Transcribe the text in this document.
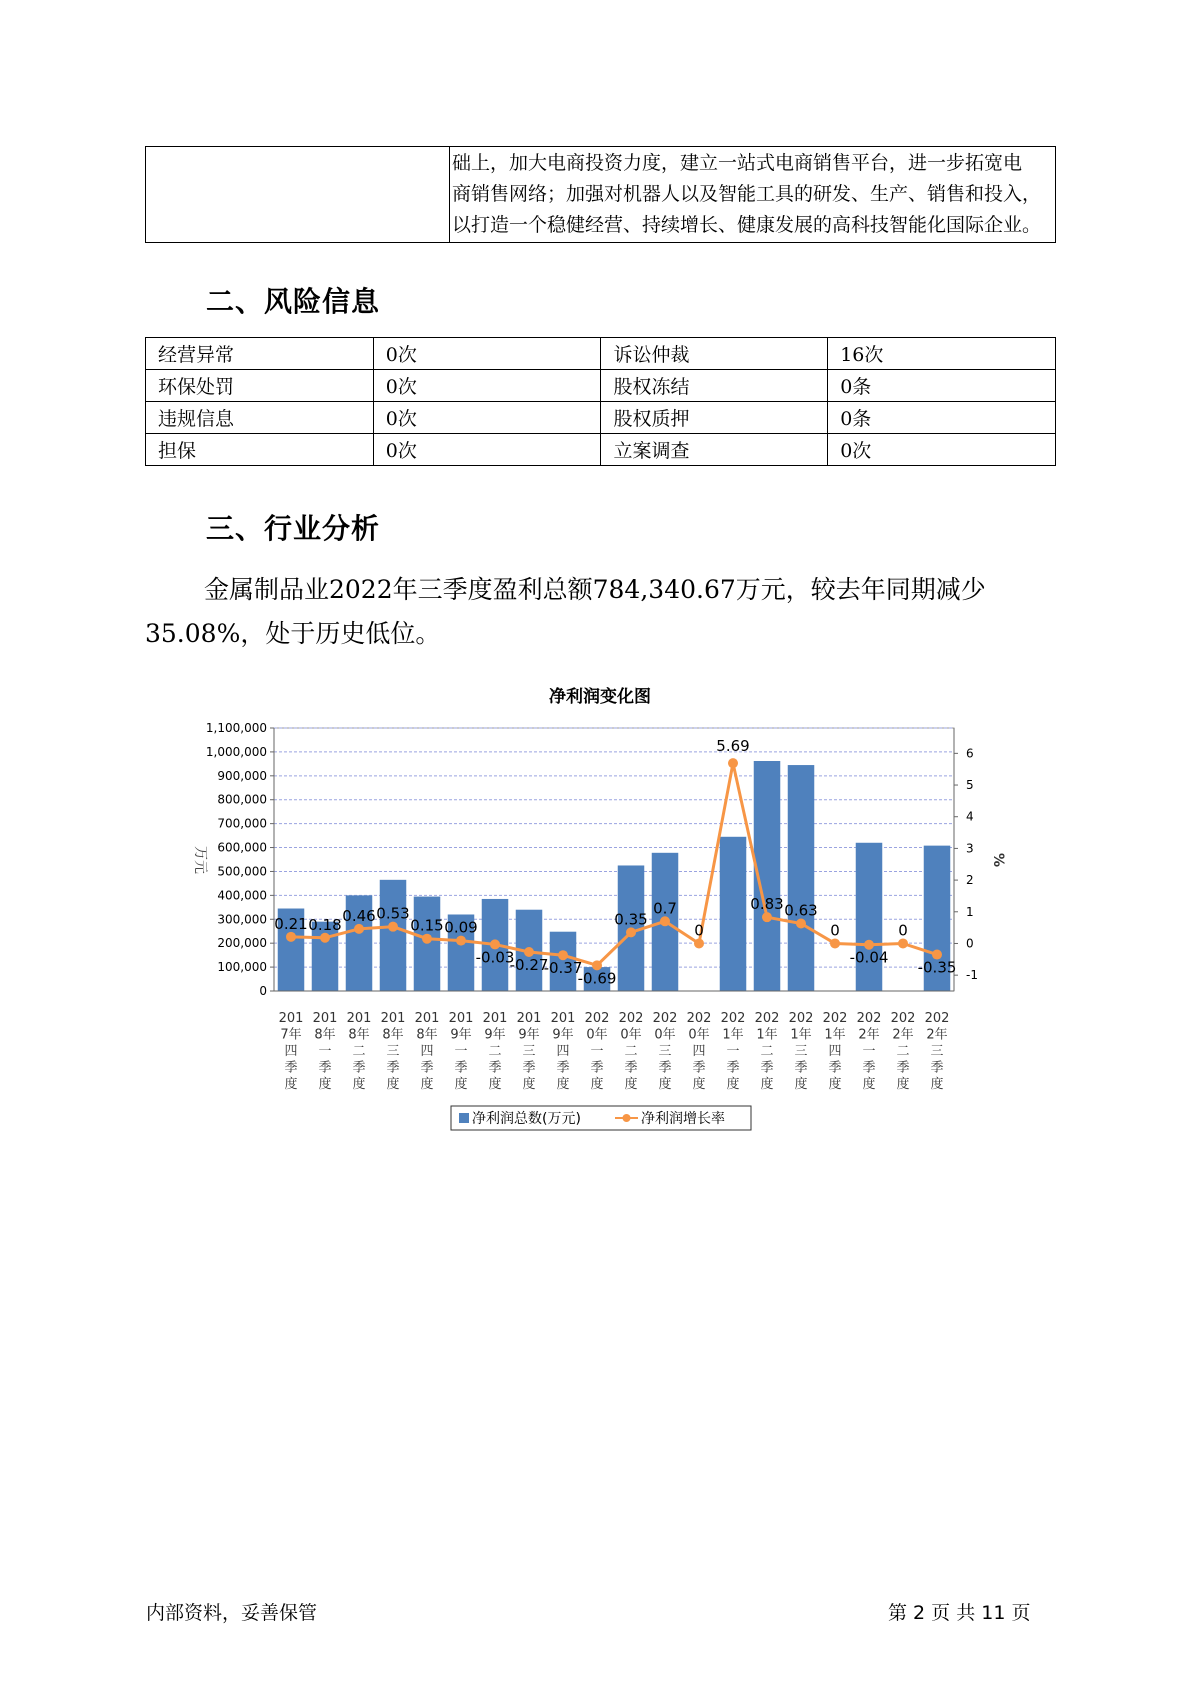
础上，加大电商投资力度，建立一站式电商销售平台，进一步拓宽电
商销售网络；加强对机器人以及智能工具的研发、生产、销售和投入，
以打造一个稳健经营、持续增长、健康发展的高科技智能化国际企业。
二、风险信息
经营异常	0次	诉讼仲裁	16次
环保处罚	0次	股权冻结	0条
违规信息	0次	股权质押	0条
担保	0次	立案调查	0次
三、行业分析
金属制品业2022年三季度盈利总额784,340.67万元，较去年同期减少
35.08%，处于历史低位。
净利润变化图
0
100,000
200,000
300,000
400,000
500,000
600,000
700,000
800,000
900,000
1,000,000
1,100,000
-1
0
1
2
3
4
5
6
0.21 0.18 0.46 0.53
0.15 0.09
-0.03
-0.27
-0.37
-0.69
0.35
0.7
0
5.69
0.83 0.63
0
-0.04
0
-0.35
201
7年
四
季
度
201
8年
一
季
度
201
8年
二
季
度
201
8年
三
季
度
201
8年
四
季
度
201
9年
一
季
度
201
9年
二
季
度
201
9年
三
季
度
201
9年
四
季
度
202
0年
一
季
度
202
0年
二
季
度
202
0年
三
季
度
202
0年
四
季
度
202
1年
一
季
度
202
1年
二
季
度
202
1年
三
季
度
202
1年
四
季
度
202
2年
一
季
度
202
2年
二
季
度
202
2年
三
季
度
万元	%
净利润总数(万元)	净利润增长率
内部资料，妥善保管	第 2 页 共 11 页
